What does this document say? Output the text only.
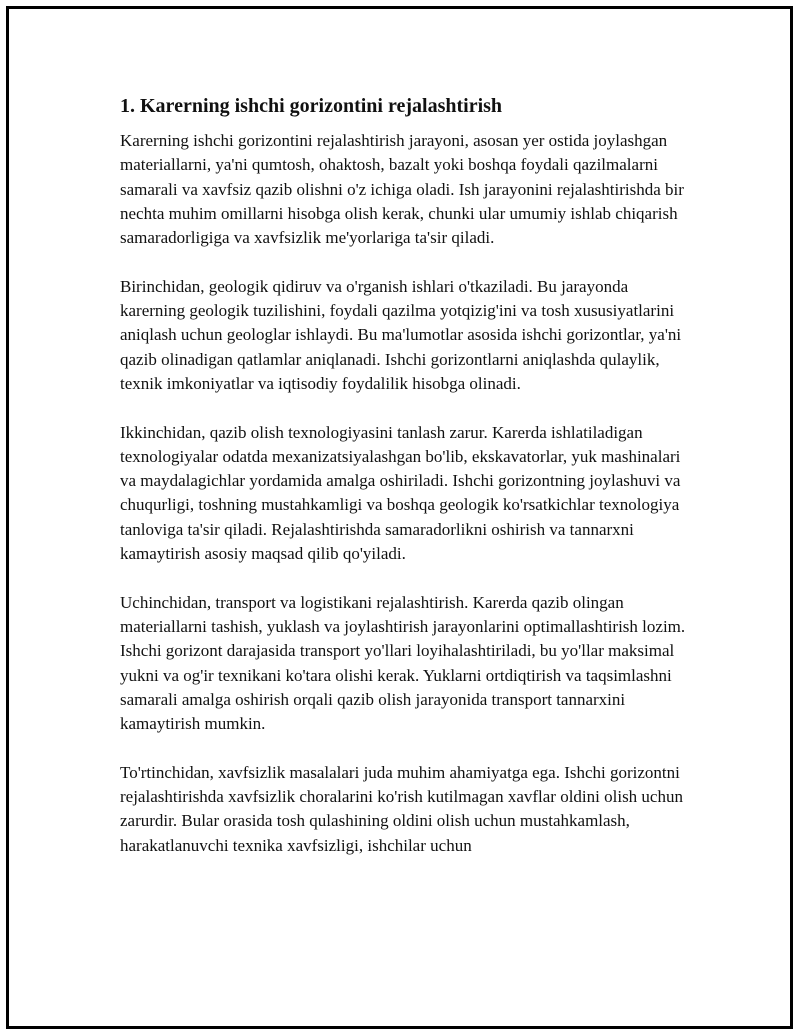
1. Karerning ishchi gorizontini rejalashtirish

Karerning ishchi gorizontini rejalashtirish jarayoni, asosan yer ostida joylashgan materiallarni, ya'ni qumtosh, ohaktosh, bazalt yoki boshqa foydali qazilmalarni samarali va xavfsiz qazib olishni o'z ichiga oladi. Ish jarayonini rejalashtirishda bir nechta muhim omillarni hisobga olish kerak, chunki ular umumiy ishlab chiqarish samaradorligiga va xavfsizlik me'yorlariga ta'sir qiladi.

Birinchidan, geologik qidiruv va o'rganish ishlari o'tkaziladi. Bu jarayonda karerning geologik tuzilishini, foydali qazilma yotqizig'ini va tosh xususiyatlarini aniqlash uchun geologlar ishlaydi. Bu ma'lumotlar asosida ishchi gorizontlar, ya'ni qazib olinadigan qatlamlar aniqlanadi. Ishchi gorizontlarni aniqlashda qulaylik, texnik imkoniyatlar va iqtisodiy foydalilik hisobga olinadi.

Ikkinchidan, qazib olish texnologiyasini tanlash zarur. Karerda ishlatiladigan texnologiyalar odatda mexanizatsiyalashgan bo'lib, ekskavatorlar, yuk mashinalari va maydalagichlar yordamida amalga oshiriladi. Ishchi gorizontning joylashuvi va chuqurligi, toshning mustahkamligi va boshqa geologik ko'rsatkichlar texnologiya tanloviga ta'sir qiladi. Rejalashtirishda samaradorlikni oshirish va tannarxni kamaytirish asosiy maqsad qilib qo'yiladi.

Uchinchidan, transport va logistikani rejalashtirish. Karerda qazib olingan materiallarni tashish, yuklash va joylashtirish jarayonlarini optimallashtirish lozim. Ishchi gorizont darajasida transport yo'llari loyihalashtiriladi, bu yo'llar maksimal yukni va og'ir texnikani ko'tara olishi kerak. Yuklarni ortdiqtirish va taqsimlashni samarali amalga oshirish orqali qazib olish jarayonida transport tannarxini kamaytirish mumkin.

To'rtinchidan, xavfsizlik masalalari juda muhim ahamiyatga ega. Ishchi gorizontni rejalashtirishda xavfsizlik choralarini ko'rish kutilmagan xavflar oldini olish uchun zarurdir. Bular orasida tosh qulashining oldini olish uchun mustahkamlash, harakatlanuvchi texnika xavfsizligi, ishchilar uchun
